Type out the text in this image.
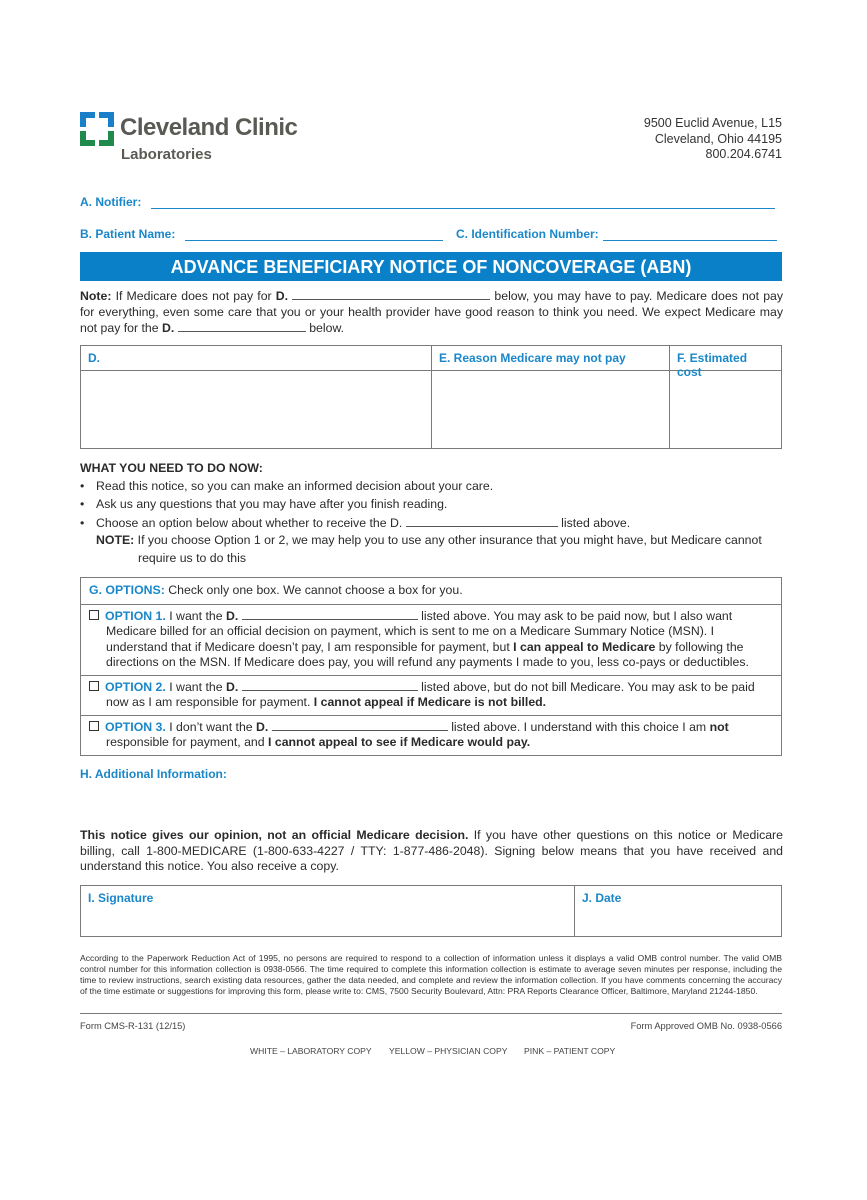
Cleveland Clinic
Laboratories
9500 Euclid Avenue, L15
Cleveland, Ohio 44195
800.204.6741
A. Notifier:
B. Patient Name:	C. Identification Number:
ADVANCE BENEFICIARY NOTICE OF NONCOVERAGE (ABN)
Note: If Medicare does not pay for D.	below, you may have to pay. Medicare does not pay for everything, even some care that you or your health provider have good reason to think you need. We expect Medicare may not pay for the D.	below.
D.	E. Reason Medicare may not pay	F. Estimated cost
WHAT YOU NEED TO DO NOW:
• Read this notice, so you can make an informed decision about your care.
• Ask us any questions that you may have after you finish reading.
• Choose an option below about whether to receive the D.	listed above.
NOTE: If you choose Option 1 or 2, we may help you to use any other insurance that you might have, but Medicare cannot
require us to do this
G. OPTIONS: Check only one box. We cannot choose a box for you.
OPTION 1. I want the D.	listed above. You may ask to be paid now, but I also want Medicare billed for an official decision on payment, which is sent to me on a Medicare Summary Notice (MSN). I understand that if Medicare doesn’t pay, I am responsible for payment, but I can appeal to Medicare by following the directions on the MSN. If Medicare does pay, you will refund any payments I made to you, less co-pays or deductibles.
OPTION 2. I want the D.	listed above, but do not bill Medicare. You may ask to be paid now as I am responsible for payment. I cannot appeal if Medicare is not billed.
OPTION 3. I don’t want the D.	listed above. I understand with this choice I am not responsible for payment, and I cannot appeal to see if Medicare would pay.
H. Additional Information:
This notice gives our opinion, not an official Medicare decision. If you have other questions on this notice or Medicare billing, call 1-800-MEDICARE (1-800-633-4227 / TTY: 1-877-486-2048). Signing below means that you have received and understand this notice. You also receive a copy.
I. Signature	J. Date
According to the Paperwork Reduction Act of 1995, no persons are required to respond to a collection of information unless it displays a valid OMB control number. The valid OMB control number for this information collection is 0938-0566. The time required to complete this information collection is estimate to average seven minutes per response, including the time to review instructions, search existing data resources, gather the data needed, and complete and review the information collection. If you have comments concerning the accuracy of the time estimate or suggestions for improving this form, please write to: CMS, 7500 Security Boulevard, Attn: PRA Reports Clearance Officer, Baltimore, Maryland 21244-1850.
Form CMS-R-131 (12/15)	Form Approved OMB No. 0938-0566
WHITE – LABORATORY COPY YELLOW – PHYSICIAN COPY PINK – PATIENT COPY
